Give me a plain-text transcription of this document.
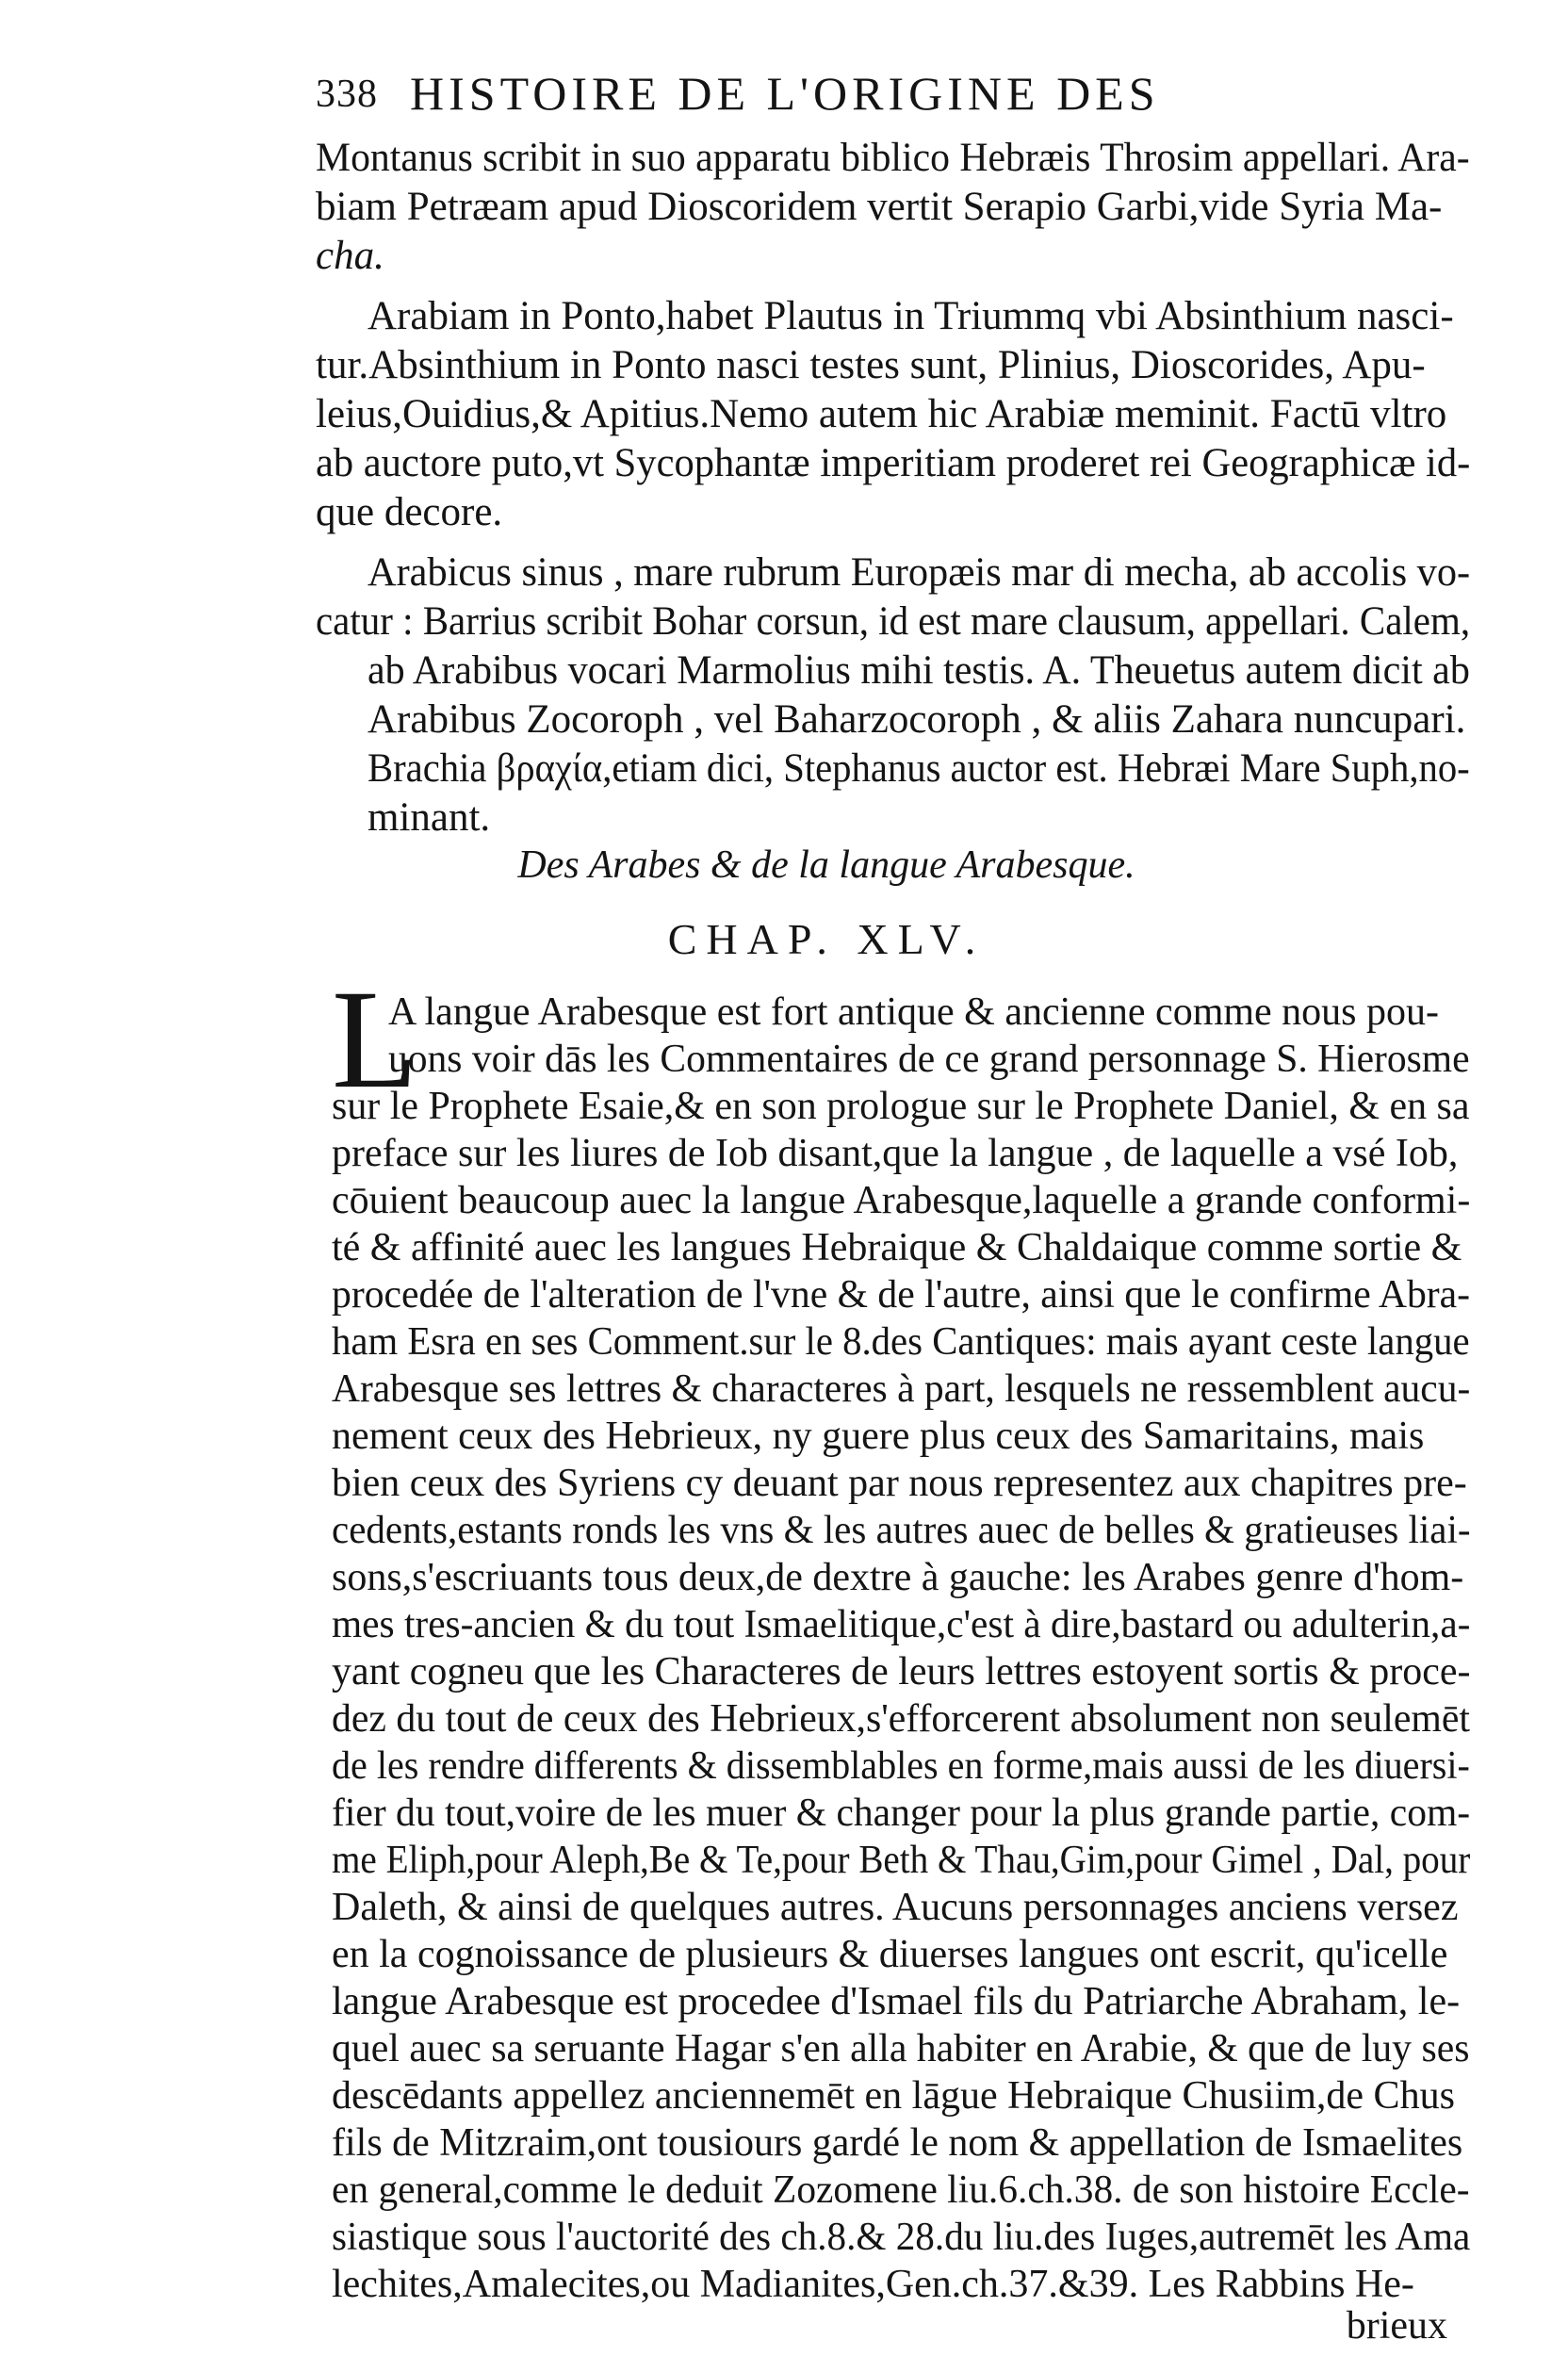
338 HISTOIRE DE L'ORIGINE DES
Montanus scribit in suo apparatu biblico Hebræis Throsim appellari. Ara-
biam Petræam apud Dioscoridem vertit Serapio Garbi,vide Syria Ma-
cha.
Arabiam in Ponto,habet Plautus in Triummq vbi Absinthium nasci-
tur.Absinthium in Ponto nasci testes sunt, Plinius, Dioscorides, Apu-
leius,Ouidius,& Apitius.Nemo autem hic Arabiæ meminit. Factū vltro
ab auctore puto,vt Sycophantæ imperitiam proderet rei Geographicæ id-
que decore.
Arabicus sinus , mare rubrum Europæis mar di mecha, ab accolis vo-
catur : Barrius scribit Bohar corsun, id est mare clausum, appellari. Calem,
ab Arabibus vocari Marmolius mihi testis. A. Theuetus autem dicit ab
Arabibus Zocoroph , vel Baharzocoroph , & aliis Zahara nuncupari.
Brachia βραχία,etiam dici, Stephanus auctor est. Hebræi Mare Suph,no-
minant.
Des Arabes & de la langue Arabesque.
CHAP. XLV.
L
A langue Arabesque est fort antique & ancienne comme nous pou-
uons voir dās les Commentaires de ce grand personnage S. Hierosme
sur le Prophete Esaie,& en son prologue sur le Prophete Daniel, & en sa
preface sur les liures de Iob disant,que la langue , de laquelle a vsé Iob,
cōuient beaucoup auec la langue Arabesque,laquelle a grande conformi-
té & affinité auec les langues Hebraique & Chaldaique comme sortie &
procedée de l'alteration de l'vne & de l'autre, ainsi que le confirme Abra-
ham Esra en ses Comment.sur le 8.des Cantiques: mais ayant ceste langue
Arabesque ses lettres & characteres à part, lesquels ne ressemblent aucu-
nement ceux des Hebrieux, ny guere plus ceux des Samaritains, mais
bien ceux des Syriens cy deuant par nous representez aux chapitres pre-
cedents,estants ronds les vns & les autres auec de belles & gratieuses liai-
sons,s'escriuants tous deux,de dextre à gauche: les Arabes genre d'hom-
mes tres-ancien & du tout Ismaelitique,c'est à dire,bastard ou adulterin,a-
yant cogneu que les Characteres de leurs lettres estoyent sortis & proce-
dez du tout de ceux des Hebrieux,s'efforcerent absolument non seulemēt
de les rendre differents & dissemblables en forme,mais aussi de les diuersi-
fier du tout,voire de les muer & changer pour la plus grande partie, com-
me Eliph,pour Aleph,Be & Te,pour Beth & Thau,Gim,pour Gimel , Dal, pour
Daleth, & ainsi de quelques autres. Aucuns personnages anciens versez
en la cognoissance de plusieurs & diuerses langues ont escrit, qu'icelle
langue Arabesque est procedee d'Ismael fils du Patriarche Abraham, le-
quel auec sa seruante Hagar s'en alla habiter en Arabie, & que de luy ses
descēdants appellez anciennemēt en lāgue Hebraique Chusiim,de Chus
fils de Mitzraim,ont tousiours gardé le nom & appellation de Ismaelites
en general,comme le deduit Zozomene liu.6.ch.38. de son histoire Eccle-
siastique sous l'auctorité des ch.8.& 28.du liu.des Iuges,autremēt les Ama
lechites,Amalecites,ou Madianites,Gen.ch.37.&39. Les Rabbins He-
brieux
